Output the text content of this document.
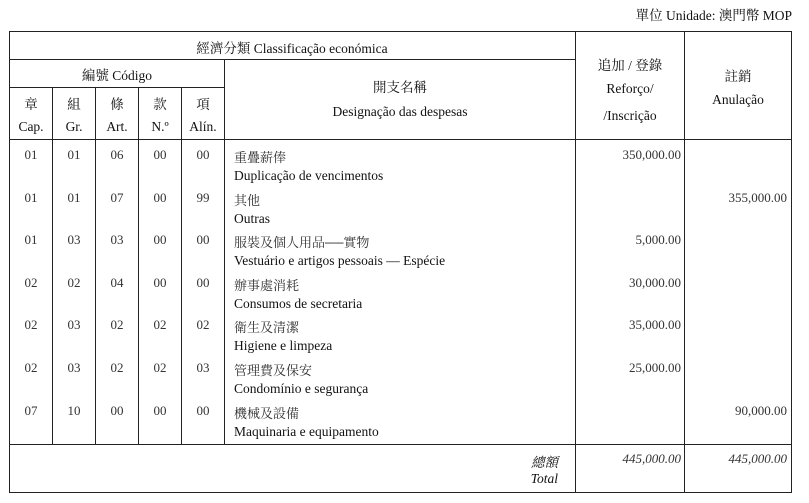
單位 Unidade: 澳門幣 MOP
經濟分類 Classificação económica
編號 Código
章
Cap.
組
Gr.
條
Art.
款
N.º
項
Alín.
開支名稱
Designação das despesas
追加 / 登錄
Reforço/
/Inscrição
註銷
Anulação
01 01 06 00 00 重疊薪俸
Duplicação de vencimentos
350,000.00
01 01 07 00 99 其他
Outras
355,000.00
01 03 03 00 00 服裝及個人用品──實物
Vestuário e artigos pessoais — Espécie
5,000.00
02 02 04 00 00 辦事處消耗
Consumos de secretaria
30,000.00
02 03 02 02 02 衛生及清潔
Higiene e limpeza
35,000.00
02 03 02 02 03 管理費及保安
Condomínio e segurança
25,000.00
07 10 00 00 00 機械及設備
Maquinaria e equipamento
90,000.00
總額
Total
445,000.00	445,000.00
